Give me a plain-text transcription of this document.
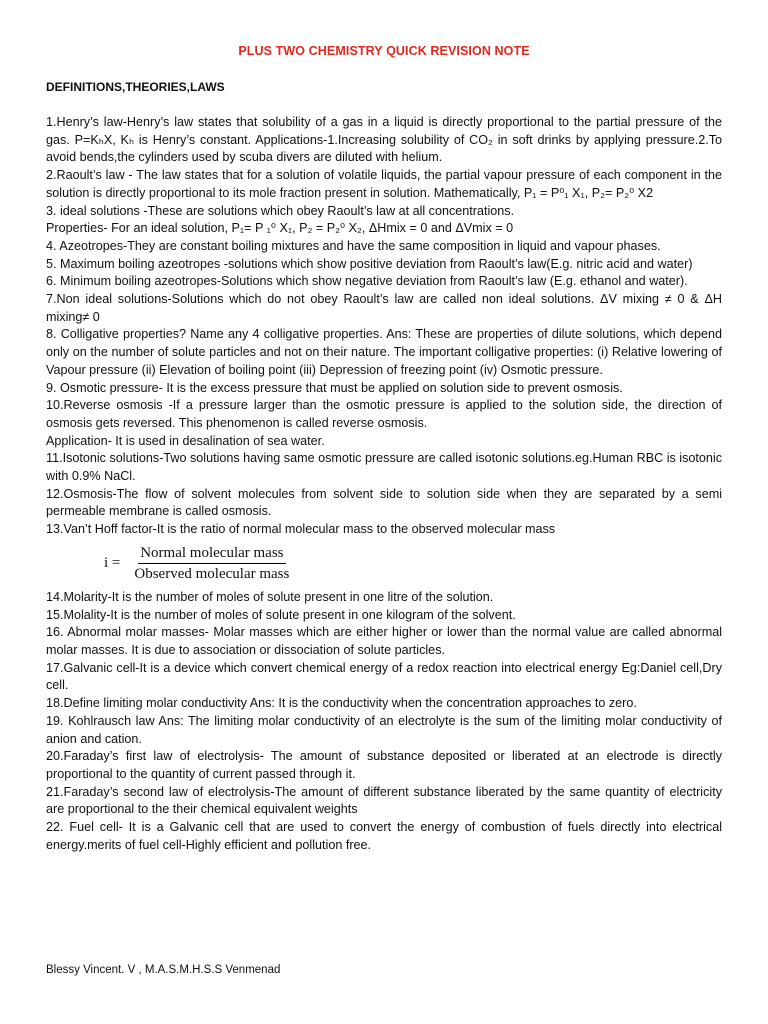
PLUS TWO CHEMISTRY QUICK REVISION NOTE
DEFINITIONS,THEORIES,LAWS

1.Henry’s law-Henry’s law states that solubility of a gas in a liquid is directly proportional to the partial pressure of the gas. P=KₕX, Kₕ is Henry’s constant. Applications-1.Increasing solubility of CO₂ in soft drinks by applying pressure.2.To avoid bends,the cylinders used by scuba divers are diluted with helium.

2.Raoult’s law - The law states that for a solution of volatile liquids, the partial vapour pressure of each component in the solution is directly proportional to its mole fraction present in solution. Mathematically, P₁ = P⁰₁ X₁, P₂= P₂⁰ X2

3. ideal solutions -These are solutions which obey Raoult’s law at all concentrations.

Properties- For an ideal solution, P₁= P ₁⁰ X₁, P₂ = P₂⁰ X₂, ΔHmix = 0 and ΔVmix = 0

4. Azeotropes-They are constant boiling mixtures and have the same composition in liquid and vapour phases.

5. Maximum boiling azeotropes -solutions which show positive deviation from Raoult’s law(E.g. nitric acid and water)

6. Minimum boiling azeotropes-Solutions which show negative deviation from Raoult’s law (E.g. ethanol and water).

7.Non ideal solutions-Solutions which do not obey Raoult’s law are called non ideal solutions. ΔV mixing ≠ 0 & ΔH mixing≠ 0

8. Colligative properties? Name any 4 colligative properties. Ans: These are properties of dilute solutions, which depend only on the number of solute particles and not on their nature. The important colligative properties: (i) Relative lowering of Vapour pressure (ii) Elevation of boiling point (iii) Depression of freezing point (iv) Osmotic pressure.

9. Osmotic pressure- It is the excess pressure that must be applied on solution side to prevent osmosis.

10.Reverse osmosis -If a pressure larger than the osmotic pressure is applied to the solution side, the direction of osmosis gets reversed. This phenomenon is called reverse osmosis.

Application- It is used in desalination of sea water.

11.Isotonic solutions-Two solutions having same osmotic pressure are called isotonic solutions.eg.Human RBC is isotonic with 0.9% NaCl.

12.Osmosis-The flow of solvent molecules from solvent side to solution side when they are separated by a semi permeable membrane is called osmosis.

13.Van’t Hoff factor-It is the ratio of normal molecular mass to the observed molecular mass

$i = \frac{\text{Normal molecular mass}}{\text{Observed molecular mass}}$

14.Molarity-It is the number of moles of solute present in one litre of the solution.

15.Molality-It is the number of moles of solute present in one kilogram of the solvent.

16. Abnormal molar masses- Molar masses which are either higher or lower than the normal value are called abnormal molar masses. It is due to association or dissociation of solute particles.

17.Galvanic cell-It is a device which convert chemical energy of a redox reaction into electrical energy Eg:Daniel cell,Dry cell.

18.Define limiting molar conductivity Ans: It is the conductivity when the concentration approaches to zero.

19. Kohlrausch law Ans: The limiting molar conductivity of an electrolyte is the sum of the limiting molar conductivity of anion and cation.

20.Faraday’s first law of electrolysis- The amount of substance deposited or liberated at an electrode is directly proportional to the quantity of current passed through it.

21.Faraday’s second law of electrolysis-The amount of different substance liberated by the same quantity of electricity are proportional to the their chemical equivalent weights

22. Fuel cell- It is a Galvanic cell that are used to convert the energy of combustion of fuels directly into electrical energy.merits of fuel cell-Highly efficient and pollution free.

Blessy Vincent. V , M.A.S.M.H.S.S Venmenad
